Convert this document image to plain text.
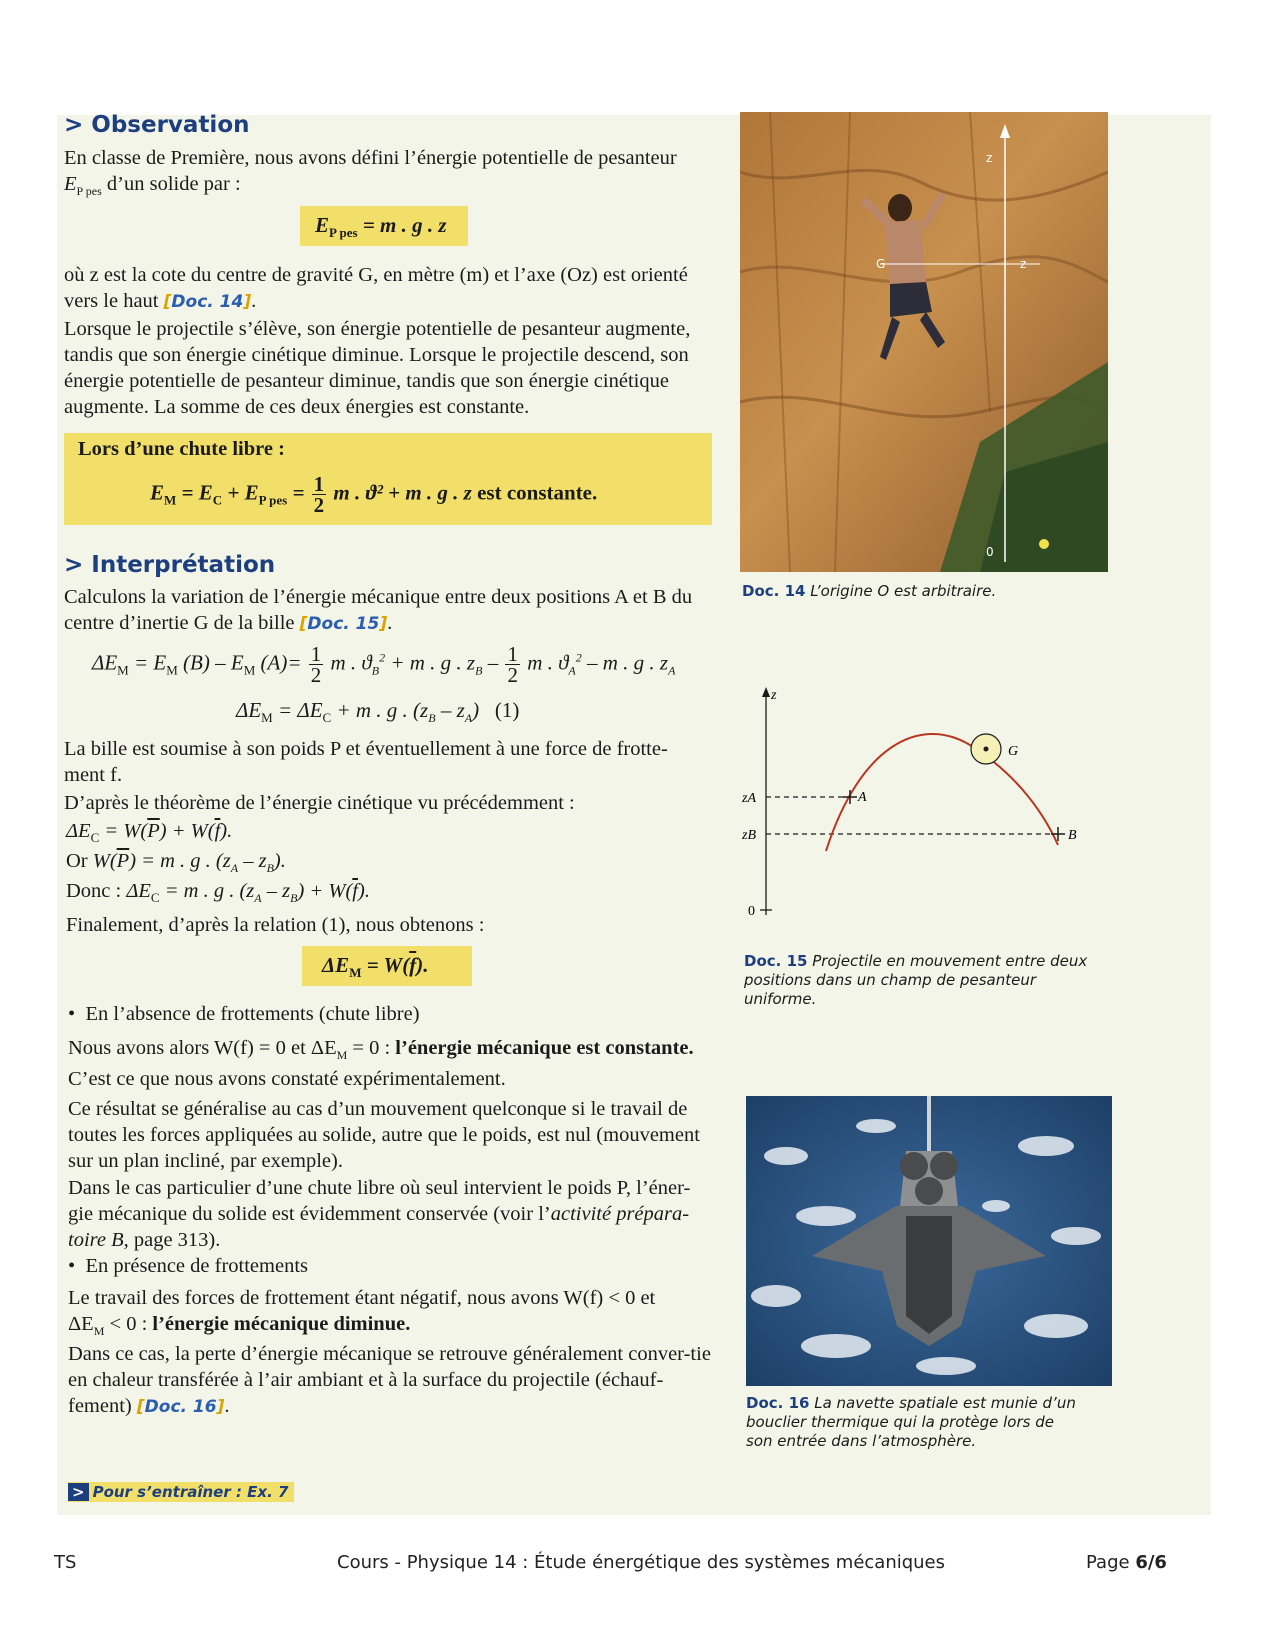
> Observation

En classe de Première, nous avons défini l’énergie potentielle de pesanteur
$E_{P pes}$ d’un solide par :

$E_{P pes} = m$ . g . z

où z est la cote du centre de gravité G, en mètre (m) et l’axe (Oz) est orienté
vers le haut [Doc. 14].

Lorsque le projectile s’élève, son énergie potentielle de pesanteur augmente, tandis que son énergie cinétique diminue. Lorsque le projectile descend, son énergie potentielle de pesanteur diminue, tandis que son énergie cinétique augmente. La somme de ces deux énergies est constante.

Lors d’une chute libre :
$E_M = E_C + E_{P pes} = \frac{1}{2}$ m . ϑ² + m . g . z est constante.
> Interprétation

Calculons la variation de l’énergie mécanique entre deux positions A et B du
centre d’inertie G de la bille [Doc. 15].

$\Delta E_M = E_M$ $(B) - E_M$ $(A)= \frac{1}{2}$ m . $ϑ_B^2 + m$ . g . $z_B - \frac{1}{2}$ m . $ϑ_A^2$ – m . g . $z_A$
$\Delta E_M = \Delta E_C + m$ . g . $(z_B - z_A)$   (1)

La bille est soumise à son poids P et éventuellement à une force de frotte-
ment f.

D’après le théorème de l’énergie cinétique vu précédemment :

$\Delta E_C = W(\overline{P}) + W(\overline{f})$.
Or $W(\overline{P}) = m$ . g . $(z_A - z_B)$.
Donc : $\Delta E_C = m$ . g . $(z_A - z_B) + W(\overline{f})$.

Finalement, d’après la relation (1), nous obtenons :

$\Delta E_M = W(\overline{f})$.
•  En l’absence de frottements (chute libre)

Nous avons alors W(f) = 0 et $\Delta E_M = 0$ : l’énergie mécanique est constante.

C’est ce que nous avons constaté expérimentalement.

Ce résultat se généralise au cas d’un mouvement quelconque si le travail de toutes les forces appliquées au solide, autre que le poids, est nul (mouvement sur un plan incliné, par exemple).

Dans le cas particulier d’une chute libre où seul intervient le poids P, l’éner-gie mécanique du solide est évidemment conservée (voir l’activité prépara-toire B, page 313).

•  En présence de frottements

Le travail des forces de frottement étant négatif, nous avons W(f) < 0 et
$\Delta E_M < 0$ : l’énergie mécanique diminue.

Dans ce cas, la perte d’énergie mécanique se retrouve généralement conver-tie en chaleur transférée à l’air ambiant et à la surface du projectile (échauf-fement) [Doc. 16].

> Pour s’entraîner : Ex. 7
z
z
G
0
Doc. 14 L’origine O est arbitraire.
z
zA
zB
0
A
B
G
Doc. 15 Projectile en mouvement entre deux positions dans un champ de pesanteur uniforme.
Doc. 16 La navette spatiale est munie d’un bouclier thermique qui la protège lors de son entrée dans l’atmosphère.
TS	Cours - Physique 14 : Étude énergétique des systèmes mécaniques	Page 6/6
